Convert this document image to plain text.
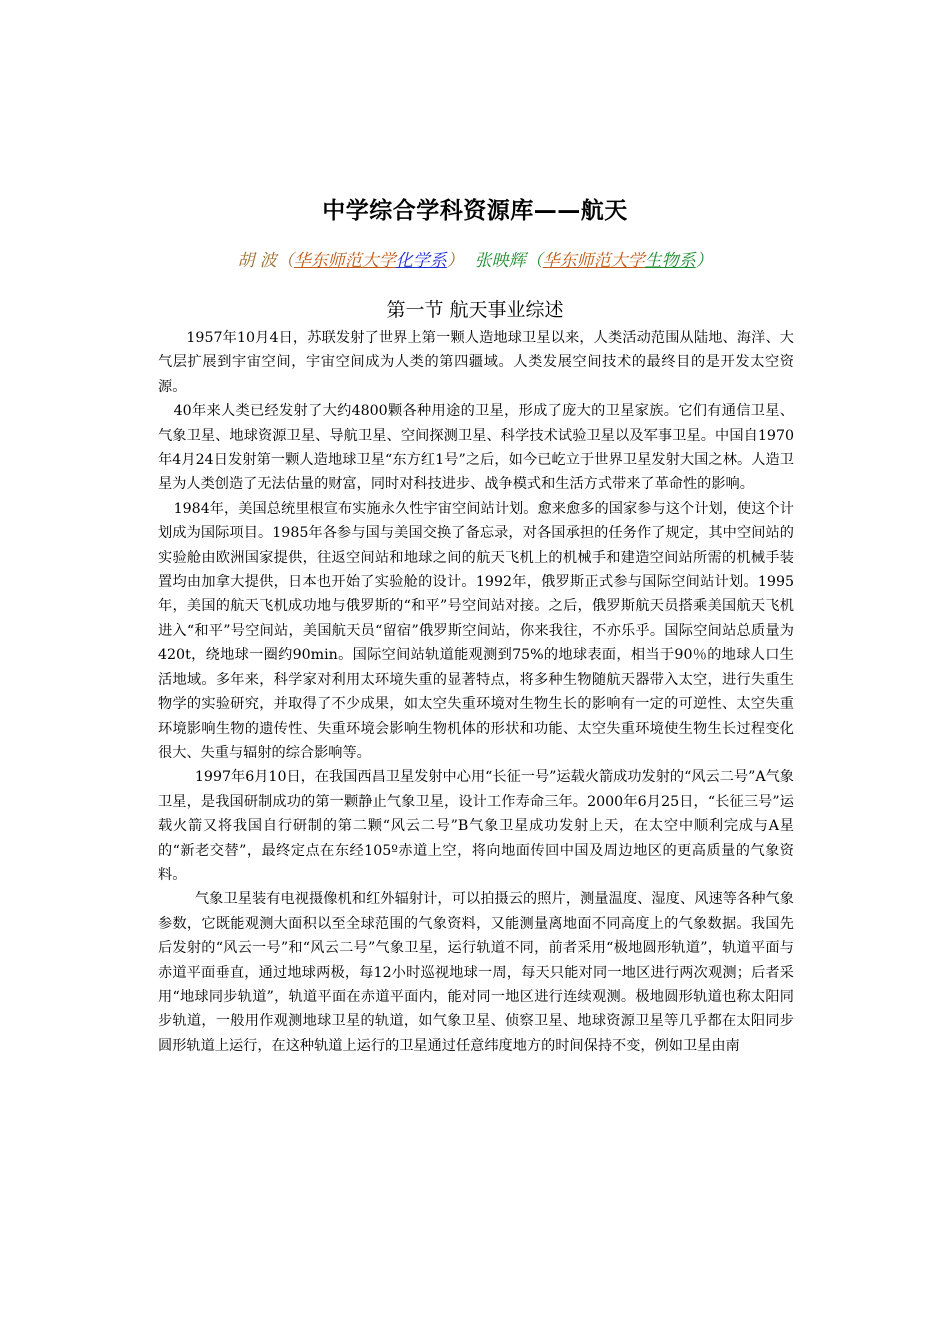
中学综合学科资源库——航天
胡 波（华东师范大学化学系） 张映辉（华东师范大学生物系）
第一节 航天事业综述

1957年10月4日，苏联发射了世界上第一颗人造地球卫星以来，人类活动范围从陆地、海洋、大气层扩展到宇宙空间，宇宙空间成为人类的第四疆域。人类发展空间技术的最终目的是开发太空资源。

40年来人类已经发射了大约4800颗各种用途的卫星，形成了庞大的卫星家族。它们有通信卫星、气象卫星、地球资源卫星、导航卫星、空间探测卫星、科学技术试验卫星以及军事卫星。中国自1970年4月24日发射第一颗人造地球卫星“东方红1号”之后，如今已屹立于世界卫星发射大国之林。人造卫星为人类创造了无法估量的财富，同时对科技进步、战争模式和生活方式带来了革命性的影响。

1984年，美国总统里根宣布实施永久性宇宙空间站计划。愈来愈多的国家参与这个计划，使这个计划成为国际项目。1985年各参与国与美国交换了备忘录，对各国承担的任务作了规定，其中空间站的实验舱由欧洲国家提供，往返空间站和地球之间的航天飞机上的机械手和建造空间站所需的机械手装置均由加拿大提供，日本也开始了实验舱的设计。1992年，俄罗斯正式参与国际空间站计划。1995年，美国的航天飞机成功地与俄罗斯的“和平”号空间站对接。之后，俄罗斯航天员搭乘美国航天飞机进入“和平”号空间站，美国航天员“留宿”俄罗斯空间站，你来我往，不亦乐乎。国际空间站总质量为420t，绕地球一圈约90min。国际空间站轨道能观测到75%的地球表面，相当于90％的地球人口生活地域。多年来，科学家对利用太环境失重的显著特点，将多种生物随航天器带入太空，进行失重生物学的实验研究，并取得了不少成果，如太空失重环境对生物生长的影响有一定的可逆性、太空失重环境影响生物的遗传性、失重环境会影响生物机体的形状和功能、太空失重环境使生物生长过程变化很大、失重与辐射的综合影响等。

1997年6月10日，在我国西昌卫星发射中心用“长征一号”运载火箭成功发射的“风云二号”A气象卫星，是我国研制成功的第一颗静止气象卫星，设计工作寿命三年。2000年6月25日，“长征三号”运载火箭又将我国自行研制的第二颗“风云二号”B气象卫星成功发射上天，在太空中顺利完成与A星的“新老交替”，最终定点在东经105º赤道上空，将向地面传回中国及周边地区的更高质量的气象资料。

气象卫星装有电视摄像机和红外辐射计，可以拍摄云的照片，测量温度、湿度、风速等各种气象参数，它既能观测大面积以至全球范围的气象资料，又能测量离地面不同高度上的气象数据。我国先后发射的“风云一号”和“风云二号”气象卫星，运行轨道不同，前者采用“极地圆形轨道”，轨道平面与赤道平面垂直，通过地球两极，每12小时巡视地球一周，每天只能对同一地区进行两次观测；后者采用“地球同步轨道”，轨道平面在赤道平面内，能对同一地区进行连续观测。极地圆形轨道也称太阳同步轨道，一般用作观测地球卫星的轨道，如气象卫星、侦察卫星、地球资源卫星等几乎都在太阳同步圆形轨道上运行，在这种轨道上运行的卫星通过任意纬度地方的时间保持不变，例如卫星由南
